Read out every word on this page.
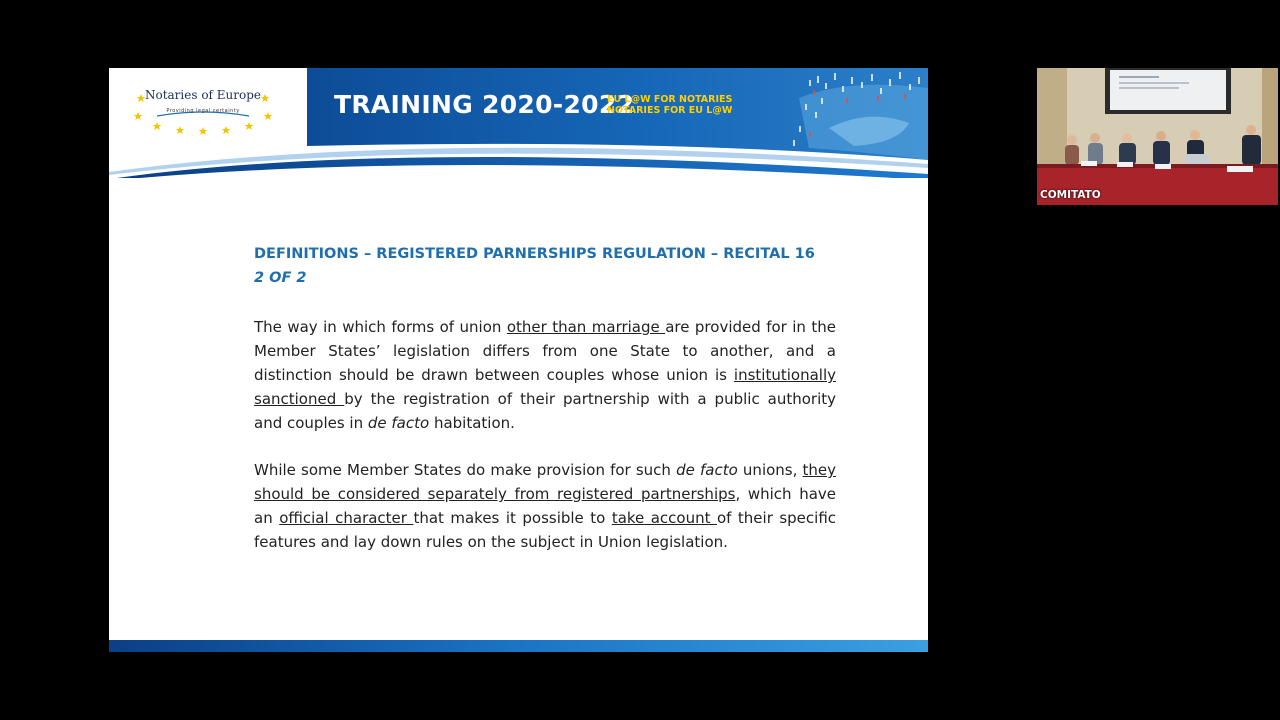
Notaries of Europe
Providing legal certainty	TRAINING 2020-2022
EU L@W FOR NOTARIES
NOTARIES FOR EU L@W
DEFINITIONS – REGISTERED PARNERSHIPS REGULATION – RECITAL 16
2 OF 2

The way in which forms of union other than marriage are provided for in the Member States’ legislation differs from one State to another, and a distinction should be drawn between couples whose union is institutionally sanctioned by the registration of their partnership with a public authority and couples in de facto habitation.

While some Member States do make provision for such de facto unions, they should be considered separately from registered partnerships, which have an official character that makes it possible to take account of their specific features and lay down rules on the subject in Union legislation.

COMITATO
